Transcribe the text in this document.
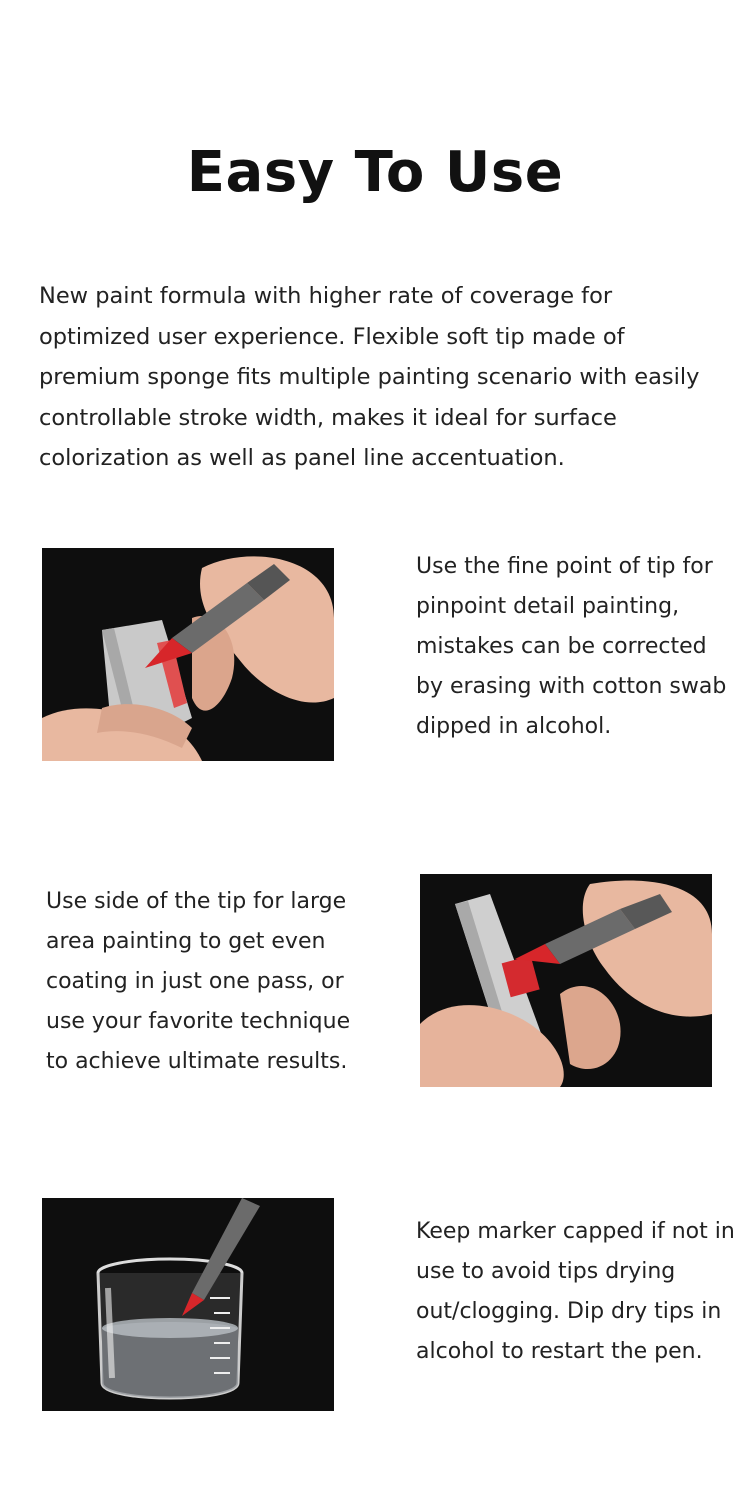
Easy To Use

New paint formula with higher rate of coverage for optimized user experience. Flexible soft tip made of premium sponge fits multiple painting scenario with easily controllable stroke width, makes it ideal for surface colorization as well as panel line accentuation.

Use the fine point of tip for pinpoint detail painting, mistakes can be corrected by erasing with cotton swab dipped in alcohol.

Use side of the tip for large area painting to get even coating in just one pass, or use your favorite technique to achieve ultimate results.

Keep marker capped if not in use to avoid tips drying out/clogging. Dip dry tips in alcohol to restart the pen.
